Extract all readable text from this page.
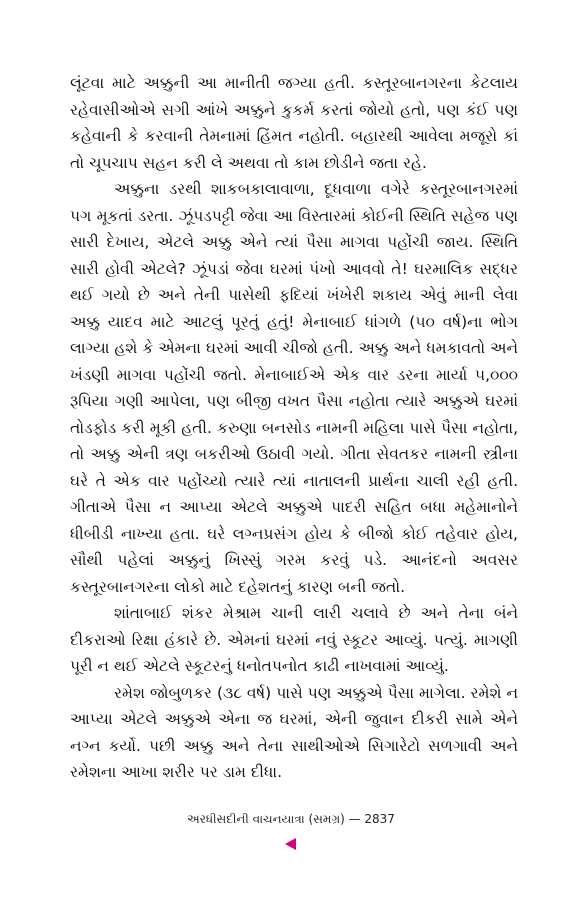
લૂંટવા માટે અક્કુની આ માનીતી જગ્યા હતી. કસ્તૂરબાનગરના કેટલાય રહેવાસીઓએ સગી આંખે અક્કુને કુકર્મ કરતાં જોયો હતો, પણ કંઈ પણ કહેવાની કે કરવાની તેમનામાં હિંમત નહોતી. બહારથી આવેલા મજૂરો કાં તો ચૂપચાપ સહન કરી લે અથવા તો કામ છોડીને જતા રહે.

અક્કુના ડરથી શાકબકાલાવાળા, દૂધવાળા વગેરે કસ્તૂરબાનગરમાં પગ મૂકતાં ડરતા. ઝૂંપડપટ્ટી જેવા આ વિસ્તારમાં કોઈની સ્થિતિ સહેજ પણ સારી દેખાય, એટલે અક્કુ એને ત્યાં પૈસા માગવા પહોંચી જાય. સ્થિતિ સારી હોવી એટલે? ઝૂંપડાં જેવા ઘરમાં પંખો આવવો તે! ઘરમાલિક સદ્ધર થઈ ગયો છે અને તેની પાસેથી ફદિયાં ખંખેરી શકાય એવું માની લેવા અક્કુ યાદવ માટે આટલું પૂરતું હતું! મેનાબાઈ ધાંગળે (૫૦ વર્ષ)ના ભોગ લાગ્યા હશે કે એમના ઘરમાં આવી ચીજો હતી. અક્કુ અને ધમકાવતો અને ખંડણી માગવા પહોંચી જતો. મેનાબાઈએ એક વાર ડરના માર્યા ૫,૦૦૦ રૂપિયા ગણી આપેલા, પણ બીજી વખત પૈસા નહોતા ત્યારે અક્કુએ ઘરમાં તોડફોડ કરી મૂકી હતી. કરુણા બનસોડ નામની મહિલા પાસે પૈસા નહોતા, તો અક્કુ એની ત્રણ બકરીઓ ઉઠાવી ગયો. ગીતા સેવતકર નામની સ્ત્રીના ઘરે તે એક વાર પહોંચ્યો ત્યારે ત્યાં નાતાલની પ્રાર્થના ચાલી રહી હતી. ગીતાએ પૈસા ન આપ્યા એટલે અક્કુએ પાદરી સહિત બધા મહેમાનોને ધીબીડી નાખ્યા હતા. ઘરે લગ્નપ્રસંગ હોય કે બીજો કોઈ તહેવાર હોય, સૌથી પહેલાં અક્કુનું ખિસ્સું ગરમ કરવું પડે. આનંદનો અવસર કસ્તૂરબાનગરના લોકો માટે દહેશતનું કારણ બની જતો.

શાંતાબાઈ શંકર મેશ્રામ ચાની લારી ચલાવે છે અને તેના બંને દીકરાઓ રિક્ષા હંકારે છે. એમનાં ઘરમાં નવું સ્કૂટર આવ્યું. પત્યું. માગણી પૂરી ન થઈ એટલે સ્કૂટરનું ધનોતપનોત કાઢી નાખવામાં આવ્યું.

રમેશ જોબુળકર (૩૮ વર્ષ) પાસે પણ અક્કુએ પૈસા માગેલા. રમેશે ન આપ્યા એટલે અક્કુએ એના જ ઘરમાં, એની જુવાન દીકરી સામે એને નગ્ન કર્યો. પછી અક્કુ અને તેના સાથીઓએ સિગારેટો સળગાવી અને રમેશના આખા શરીર પર ડામ દીધા.

અરધીસદીની વાચનયાત્રા (સમગ્ર) — 2837
